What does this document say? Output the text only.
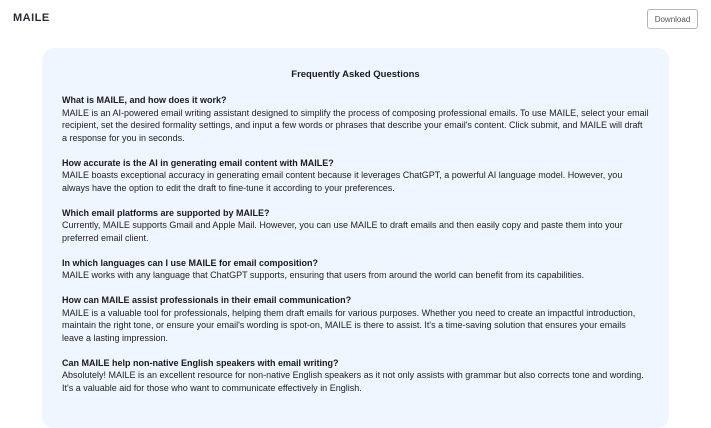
MAILE	Download
Frequently Asked Questions

What is MAILE, and how does it work?

MAILE is an AI-powered email writing assistant designed to simplify the process of composing professional emails. To use MAILE, select your email recipient, set the desired formality settings, and input a few words or phrases that describe your email's content. Click submit, and MAILE will draft a response for you in seconds.

How accurate is the AI in generating email content with MAILE?

MAILE boasts exceptional accuracy in generating email content because it leverages ChatGPT, a powerful AI language model. However, you always have the option to edit the draft to fine-tune it according to your preferences.

Which email platforms are supported by MAILE?

Currently, MAILE supports Gmail and Apple Mail. However, you can use MAILE to draft emails and then easily copy and paste them into your preferred email client.

In which languages can I use MAILE for email composition?

MAILE works with any language that ChatGPT supports, ensuring that users from around the world can benefit from its capabilities.

How can MAILE assist professionals in their email communication?

MAILE is a valuable tool for professionals, helping them draft emails for various purposes. Whether you need to create an impactful introduction, maintain the right tone, or ensure your email's wording is spot-on, MAILE is there to assist. It's a time-saving solution that ensures your emails leave a lasting impression.

Can MAILE help non-native English speakers with email writing?

Absolutely! MAILE is an excellent resource for non-native English speakers as it not only assists with grammar but also corrects tone and wording. It's a valuable aid for those who want to communicate effectively in English.
